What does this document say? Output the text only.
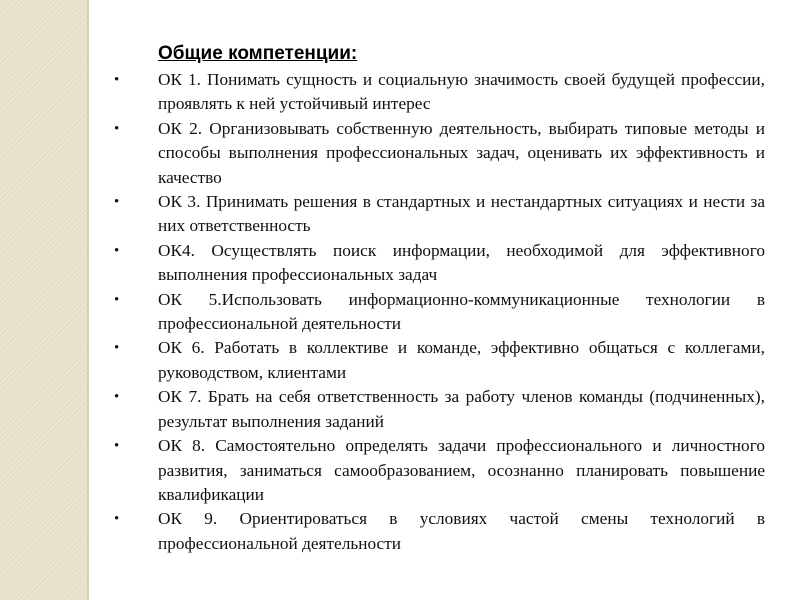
Общие компетенции:
• ОК 1. Понимать сущность и социальную значимость своей будущей профессии, проявлять к ней устойчивый интерес
• ОК 2. Организовывать собственную деятельность, выбирать типовые методы и способы выполнения профессиональных задач, оценивать их эффективность и качество
• ОК 3. Принимать решения в стандартных и нестандартных ситуациях и нести за них ответственность
• ОК4. Осуществлять поиск информации, необходимой для эффективного выполнения профессиональных задач
• ОК 5.Использовать информационно-коммуникационные технологии в профессиональной деятельности
• ОК 6. Работать в коллективе и команде, эффективно общаться с коллегами, руководством, клиентами
• ОК 7. Брать на себя ответственность за работу членов команды (подчиненных), результат выполнения заданий
• ОК 8. Самостоятельно определять задачи профессионального и личностного развития, заниматься самообразованием, осознанно планировать повышение квалификации
• ОК 9. Ориентироваться в условиях частой смены технологий в профессиональной деятельности
